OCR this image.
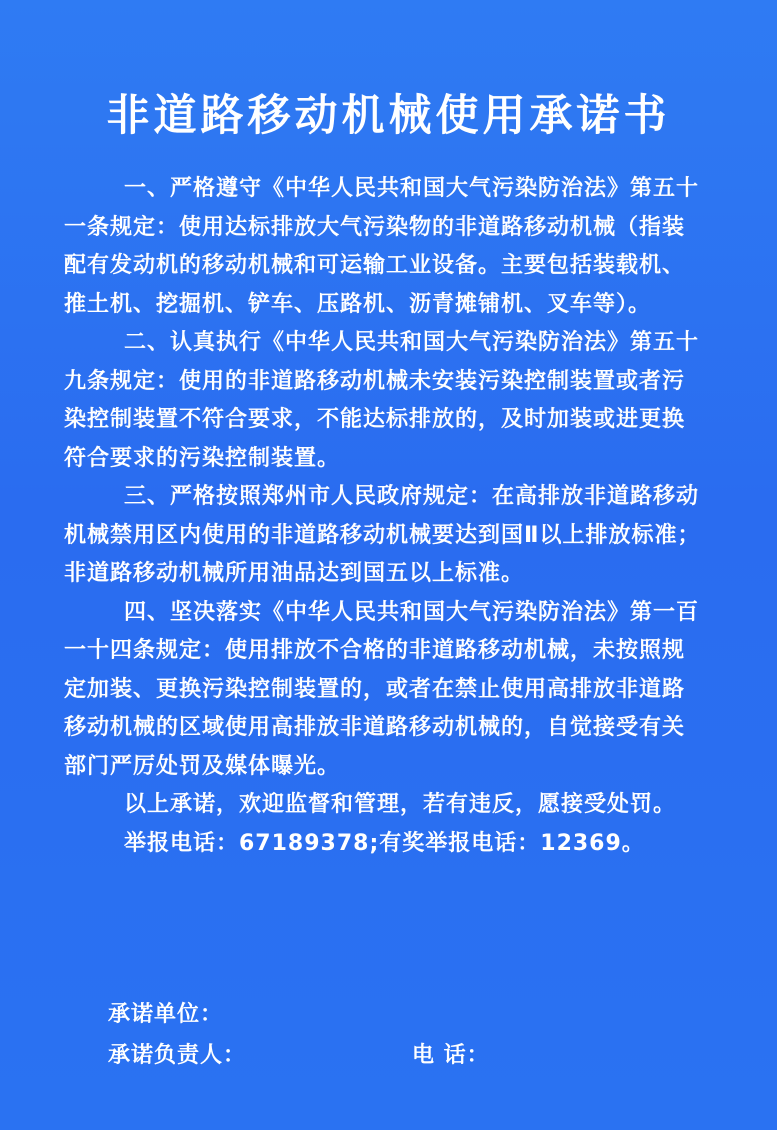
非道路移动机械使用承诺书

一、严格遵守《中华人民共和国大气污染防治法》第五十一条规定：使用达标排放大气污染物的非道路移动机械（指装配有发动机的移动机械和可运输工业设备。主要包括装载机、推土机、挖掘机、铲车、压路机、沥青摊铺机、叉车等）。

二、认真执行《中华人民共和国大气污染防治法》第五十九条规定：使用的非道路移动机械未安装污染控制装置或者污染控制装置不符合要求，不能达标排放的，及时加装或进更换符合要求的污染控制装置。

三、严格按照郑州市人民政府规定：在高排放非道路移动机械禁用区内使用的非道路移动机械要达到国Ⅱ以上排放标准；非道路移动机械所用油品达到国五以上标准。

四、坚决落实《中华人民共和国大气污染防治法》第一百一十四条规定：使用排放不合格的非道路移动机械，未按照规定加装、更换污染控制装置的，或者在禁止使用高排放非道路移动机械的区域使用高排放非道路移动机械的，自觉接受有关部门严厉处罚及媒体曝光。

以上承诺，欢迎监督和管理，若有违反，愿接受处罚。

举报电话：67189378;有奖举报电话：12369。

承诺单位：
承诺负责人：	电 话：
